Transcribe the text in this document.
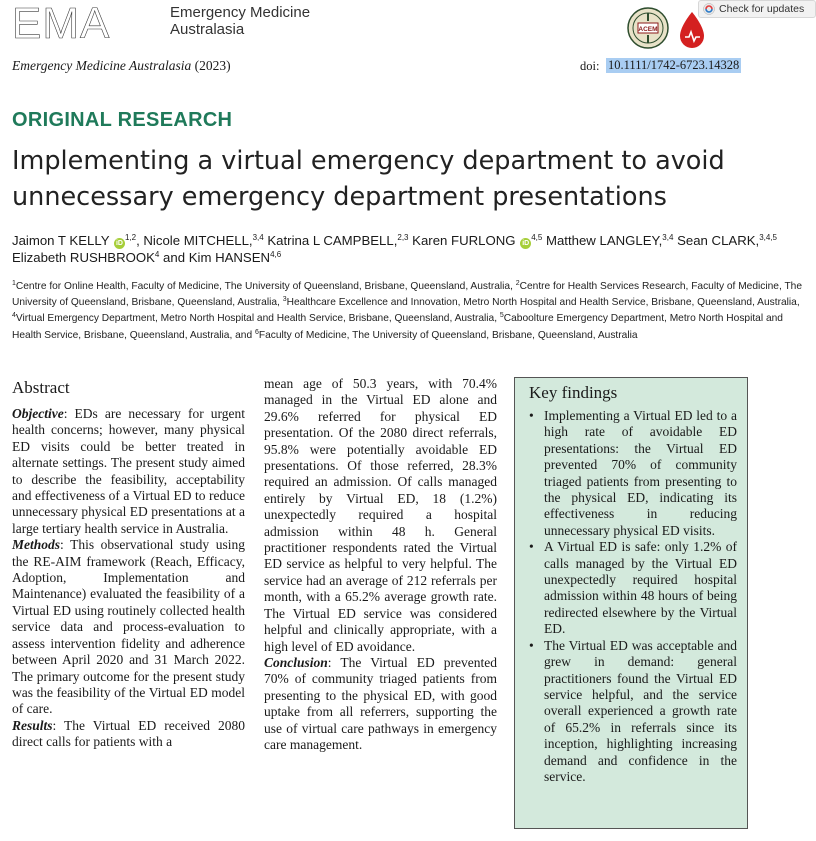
EMA	Emergency Medicine
Australasia	ACEM
Check for updates
Emergency Medicine Australasia (2023)	doi: 10.1111/1742-6723.14328
ORIGINAL RESEARCH
Implementing a virtual emergency department to avoid unnecessary emergency department presentations
Jaimon T KELLY iD$^{1,2}$, Nicole MITCHELL,$^{3,4}$ Katrina L CAMPBELL,$^{2,3}$ Karen FURLONG iD$^{4,5}$ Matthew LANGLEY,$^{3,4}$ Sean CLARK,$^{3,4,5}$ Elizabeth RUSHBROOK$^4$ and Kim HANSEN$^{4,6}$
$^1$Centre for Online Health, Faculty of Medicine, The University of Queensland, Brisbane, Queensland, Australia, $^2$Centre for Health Services Research, Faculty of Medicine, The University of Queensland, Brisbane, Queensland, Australia, $^3$Healthcare Excellence and Innovation, Metro North Hospital and Health Service, Brisbane, Queensland, Australia, $^4$Virtual Emergency Department, Metro North Hospital and Health Service, Brisbane, Queensland, Australia, $^5$Caboolture Emergency Department, Metro North Hospital and Health Service, Brisbane, Queensland, Australia, and $^6$Faculty of Medicine, The University of Queensland, Brisbane, Queensland, Australia
Abstract

Objective: EDs are necessary for urgent health concerns; however, many physical ED visits could be better treated in alternate settings. The present study aimed to describe the feasibility, acceptability and effectiveness of a Virtual ED to reduce unnecessary physical ED presentations at a large tertiary health service in Australia.

Methods: This observational study using the RE-AIM framework (Reach, Efficacy, Adoption, Implementation and Maintenance) evaluated the feasibility of a Virtual ED using routinely collected health service data and process-evaluation to assess intervention fidelity and adherence between April 2020 and 31 March 2022. The primary outcome for the present study was the feasibility of the Virtual ED model of care.

Results: The Virtual ED received 2080 direct calls for patients with a

mean age of 50.3 years, with 70.4% managed in the Virtual ED alone and 29.6% referred for physical ED presentation. Of the 2080 direct referrals, 95.8% were potentially avoidable ED presentations. Of those referred, 28.3% required an admission. Of calls managed entirely by Virtual ED, 18 (1.2%) unexpectedly required a hospital admission within 48 h. General practitioner respondents rated the Virtual ED service as helpful to very helpful. The service had an average of 212 referrals per month, with a 65.2% average growth rate. The Virtual ED service was considered helpful and clinically appropriate, with a high level of ED avoidance.

Conclusion: The Virtual ED prevented 70% of community triaged patients from presenting to the physical ED, with good uptake from all referrers, supporting the use of virtual care pathways in emergency care management.

Key findings
• Implementing a Virtual ED led to a high rate of avoidable ED presentations: the Virtual ED prevented 70% of community triaged patients from presenting to the physical ED, indicating its effectiveness in reducing unnecessary physical ED visits.
• A Virtual ED is safe: only 1.2% of calls managed by the Virtual ED unexpectedly required hospital admission within 48 hours of being redirected elsewhere by the Virtual ED.
• The Virtual ED was acceptable and grew in demand: general practitioners found the Virtual ED service helpful, and the service overall experienced a growth rate of 65.2% in referrals since its inception, highlighting increasing demand and confidence in the service.
